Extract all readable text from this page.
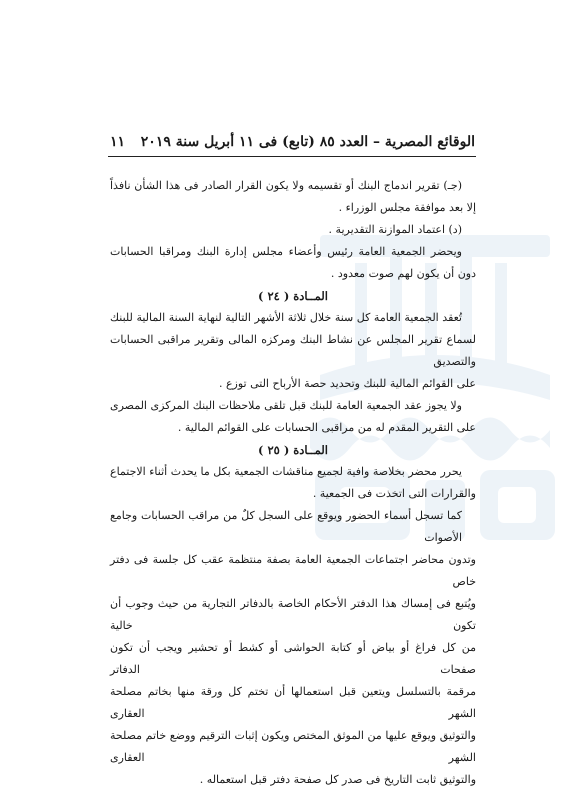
الوقائع المصرية – العدد ٨٥ (تابع) فى ١١ أبريل سنة ٢٠١٩
١١
(جـ) تقرير اندماج البنك أو تقسيمه ولا يكون القرار الصادر فى هذا الشأن نافذاً
إلا بعد موافقة مجلس الوزراء .
(د) اعتماد الموازنة التقديرية .
ويحضر الجمعية العامة رئيس وأعضاء مجلس إدارة البنك ومراقبا الحسابات
دون أن يكون لهم صوت معدود .
المــادة ( ٢٤ )
تُعقد الجمعية العامة كل سنة خلال ثلاثة الأشهر التالية لنهاية السنة المالية للبنك
لسماع تقرير المجلس عن نشاط البنك ومركزه المالى وتقرير مراقبى الحسابات والتصديق
على القوائم المالية للبنك وتحديد حصة الأرباح التى توزع .
ولا يجوز عقد الجمعية العامة للبنك قبل تلقى ملاحظات البنك المركزى المصرى
على التقرير المقدم له من مراقبى الحسابات على القوائم المالية .
المــادة ( ٢٥ )
يحرر محضر بخلاصة وافية لجميع مناقشات الجمعية بكل ما يحدث أثناء الاجتماع
والقرارات التى اتخذت فى الجمعية .
كما تسجل أسماء الحضور ويوقع على السجل كلٌ من مراقب الحسابات وجامع الأصوات
وتدون محاضر اجتماعات الجمعية العامة بصفة منتظمة عقب كل جلسة فى دفتر خاص
ويُتبع فى إمساك هذا الدفتر الأحكام الخاصة بالدفاتر التجارية من حيث وجوب أن تكون خالية
من كل فراغ أو بياض أو كتابة الحواشى أو كشط أو تحشير ويجب أن تكون صفحات الدفاتر
مرقمة بالتسلسل ويتعين قبل استعمالها أن تختم كل ورقة منها بخاتم مصلحة الشهر العقارى
والتوثيق ويوقع عليها من الموثق المختص ويكون إثبات الترقيم ووضع خاتم مصلحة الشهر العقارى
والتوثيق ثابت التاريخ فى صدر كل صفحة دفتر قبل استعماله .
